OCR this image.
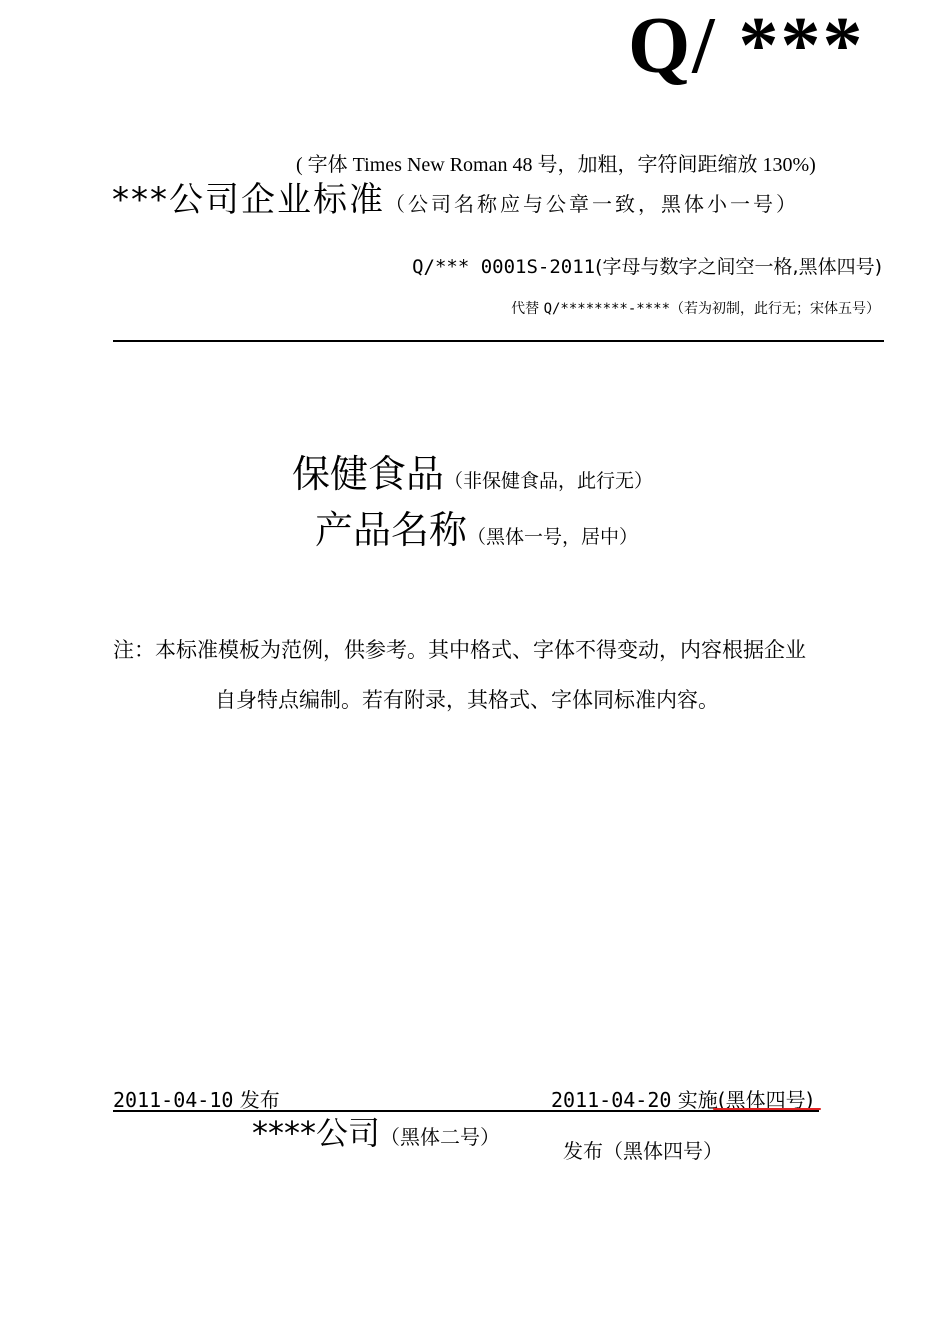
Q/ ***
( 字体 Times New Roman 48 号，加粗，字符间距缩放 130%)
***公司企业标准（公司名称应与公章一致，黑体小一号）
Q/*** 0001S-2011(字母与数字之间空一格,黑体四号)
代替 Q/********-****（若为初制，此行无；宋体五号）
保健食品（非保健食品，此行无）
产品名称（黑体一号，居中）
注：本标准模板为范例，供参考。其中格式、字体不得变动，内容根据企业
自身特点编制。若有附录，其格式、字体同标准内容。
2011-04-10 发布	2011-04-20 实施(黑体四号)
****公司（黑体二号）
发布（黑体四号）
